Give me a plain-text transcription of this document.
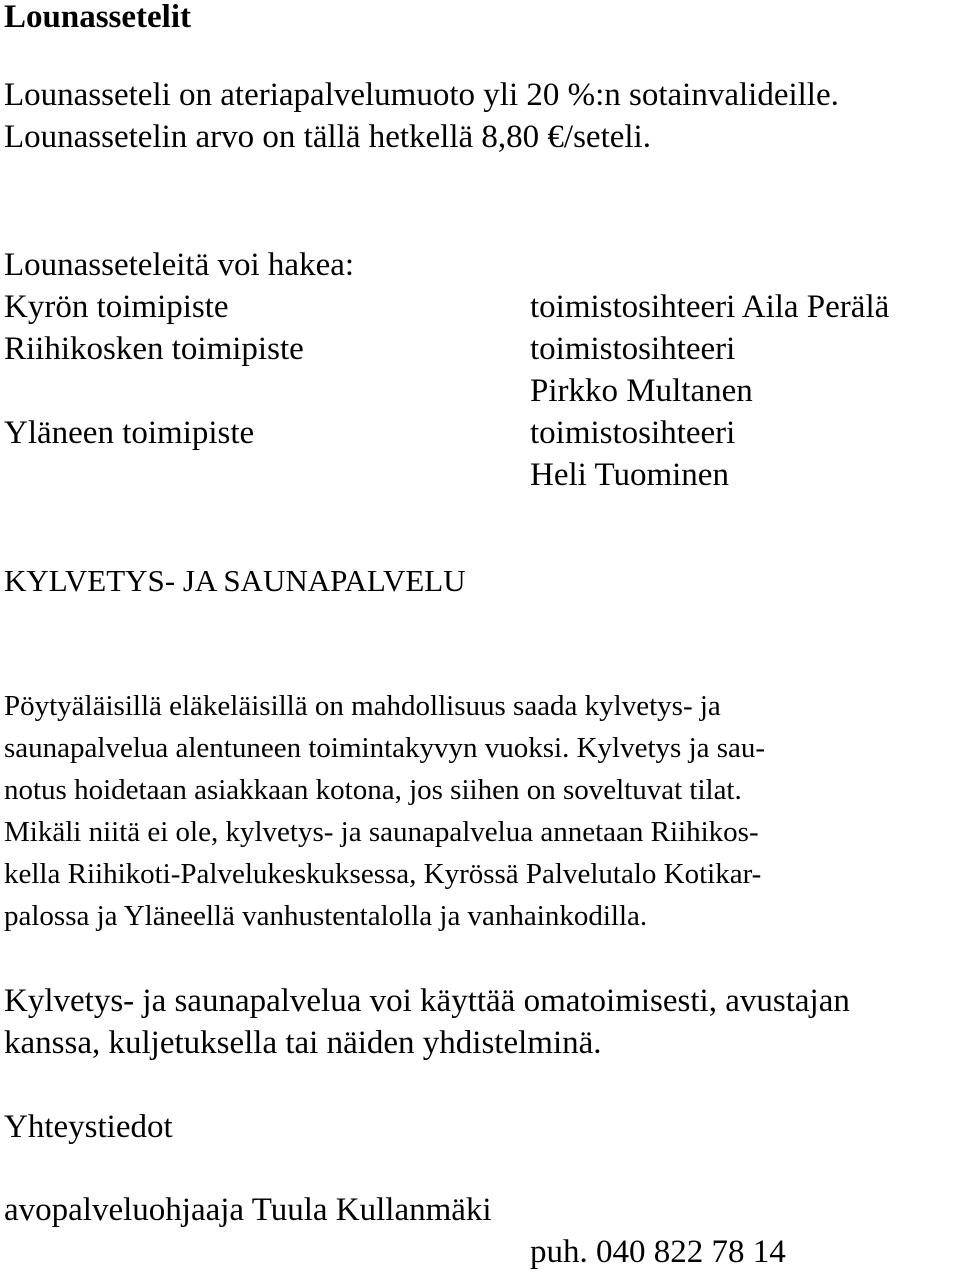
Lounassetelit
Lounasseteli on ateriapalvelumuoto yli 20 %:n sotainvalideille.
Lounassetelin arvo on tällä hetkellä 8,80 €/seteli.
Lounasseteleitä voi hakea:
Kyrön toimipiste
Riihikosken toimipiste
Yläneen toimipiste
toimistosihteeri Aila Perälä
toimistosihteeri
Pirkko Multanen
toimistosihteeri
Heli Tuominen
KYLVETYS- JA SAUNAPALVELU
Pöytyäläisillä eläkeläisillä on mahdollisuus saada kylvetys- ja
saunapalvelua alentuneen toimintakyvyn vuoksi. Kylvetys ja sau-
notus hoidetaan asiakkaan kotona, jos siihen on soveltuvat tilat.
Mikäli niitä ei ole, kylvetys- ja saunapalvelua annetaan Riihikos-
kella Riihikoti-Palvelukeskuksessa, Kyrössä Palvelutalo Kotikar-
palossa ja Yläneellä vanhustentalolla ja vanhainkodilla.
Kylvetys- ja saunapalvelua voi käyttää omatoimisesti, avustajan
kanssa, kuljetuksella tai näiden yhdistelminä.
Yhteystiedot
avopalveluohjaaja Tuula Kullanmäki
puh. 040 822 78 14
